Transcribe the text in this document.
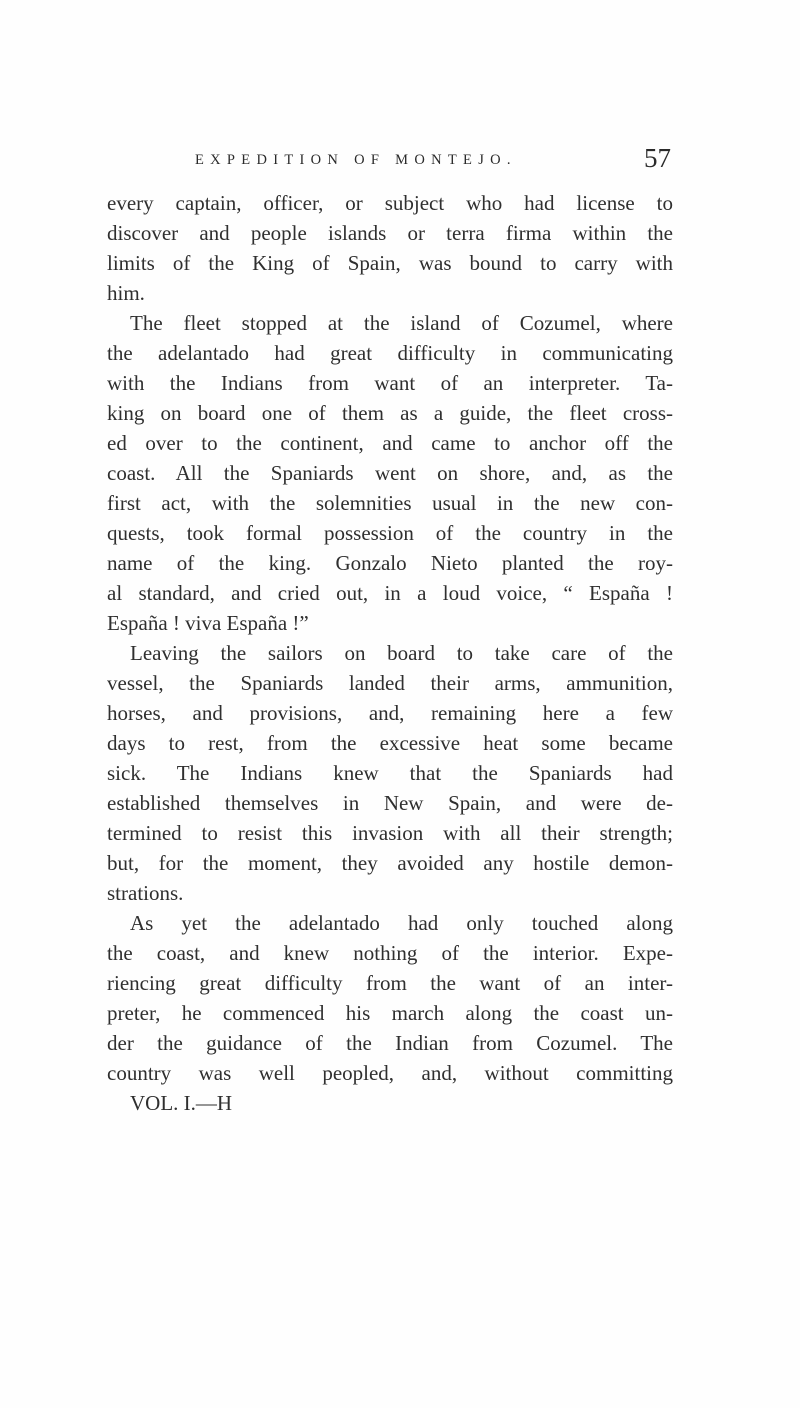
EXPEDITION OF MONTEJO.	57
every captain, officer, or subject who had license to
discover and people islands or terra firma within the
limits of the King of Spain, was bound to carry with
him.
The fleet stopped at the island of Cozumel, where
the adelantado had great difficulty in communicating
with the Indians from want of an interpreter. Ta-
king on board one of them as a guide, the fleet cross-
ed over to the continent, and came to anchor off the
coast. All the Spaniards went on shore, and, as the
first act, with the solemnities usual in the new con-
quests, took formal possession of the country in the
name of the king. Gonzalo Nieto planted the roy-
al standard, and cried out, in a loud voice, “ España !
España ! viva España !”
Leaving the sailors on board to take care of the
vessel, the Spaniards landed their arms, ammunition,
horses, and provisions, and, remaining here a few
days to rest, from the excessive heat some became
sick. The Indians knew that the Spaniards had
established themselves in New Spain, and were de-
termined to resist this invasion with all their strength;
but, for the moment, they avoided any hostile demon-
strations.
As yet the adelantado had only touched along
the coast, and knew nothing of the interior. Expe-
riencing great difficulty from the want of an inter-
preter, he commenced his march along the coast un-
der the guidance of the Indian from Cozumel. The
country was well peopled, and, without committing
VOL. I.—H
